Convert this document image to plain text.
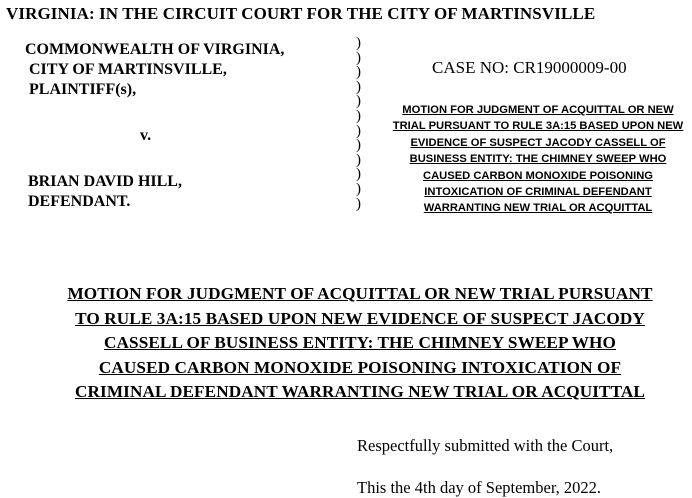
VIRGINIA: IN THE CIRCUIT COURT FOR THE CITY OF MARTINSVILLE
COMMONWEALTH OF VIRGINIA,
CITY OF MARTINSVILLE,
PLAINTIFF(s),
v.
BRIAN DAVID HILL,
DEFENDANT.
)
)
)
)
)
)
)
)
)
)
)
)
CASE NO: CR19000009-00
MOTION FOR JUDGMENT OF ACQUITTAL OR NEW TRIAL PURSUANT TO RULE 3A:15 BASED UPON NEW EVIDENCE OF SUSPECT JACODY CASSELL OF BUSINESS ENTITY: THE CHIMNEY SWEEP WHO CAUSED CARBON MONOXIDE POISONING INTOXICATION OF CRIMINAL DEFENDANT WARRANTING NEW TRIAL OR ACQUITTAL
MOTION FOR JUDGMENT OF ACQUITTAL OR NEW TRIAL PURSUANT
TO RULE 3A:15 BASED UPON NEW EVIDENCE OF SUSPECT JACODY
CASSELL OF BUSINESS ENTITY: THE CHIMNEY SWEEP WHO
CAUSED CARBON MONOXIDE POISONING INTOXICATION OF
CRIMINAL DEFENDANT WARRANTING NEW TRIAL OR ACQUITTAL
Respectfully submitted with the Court,
This the 4th day of September, 2022.
